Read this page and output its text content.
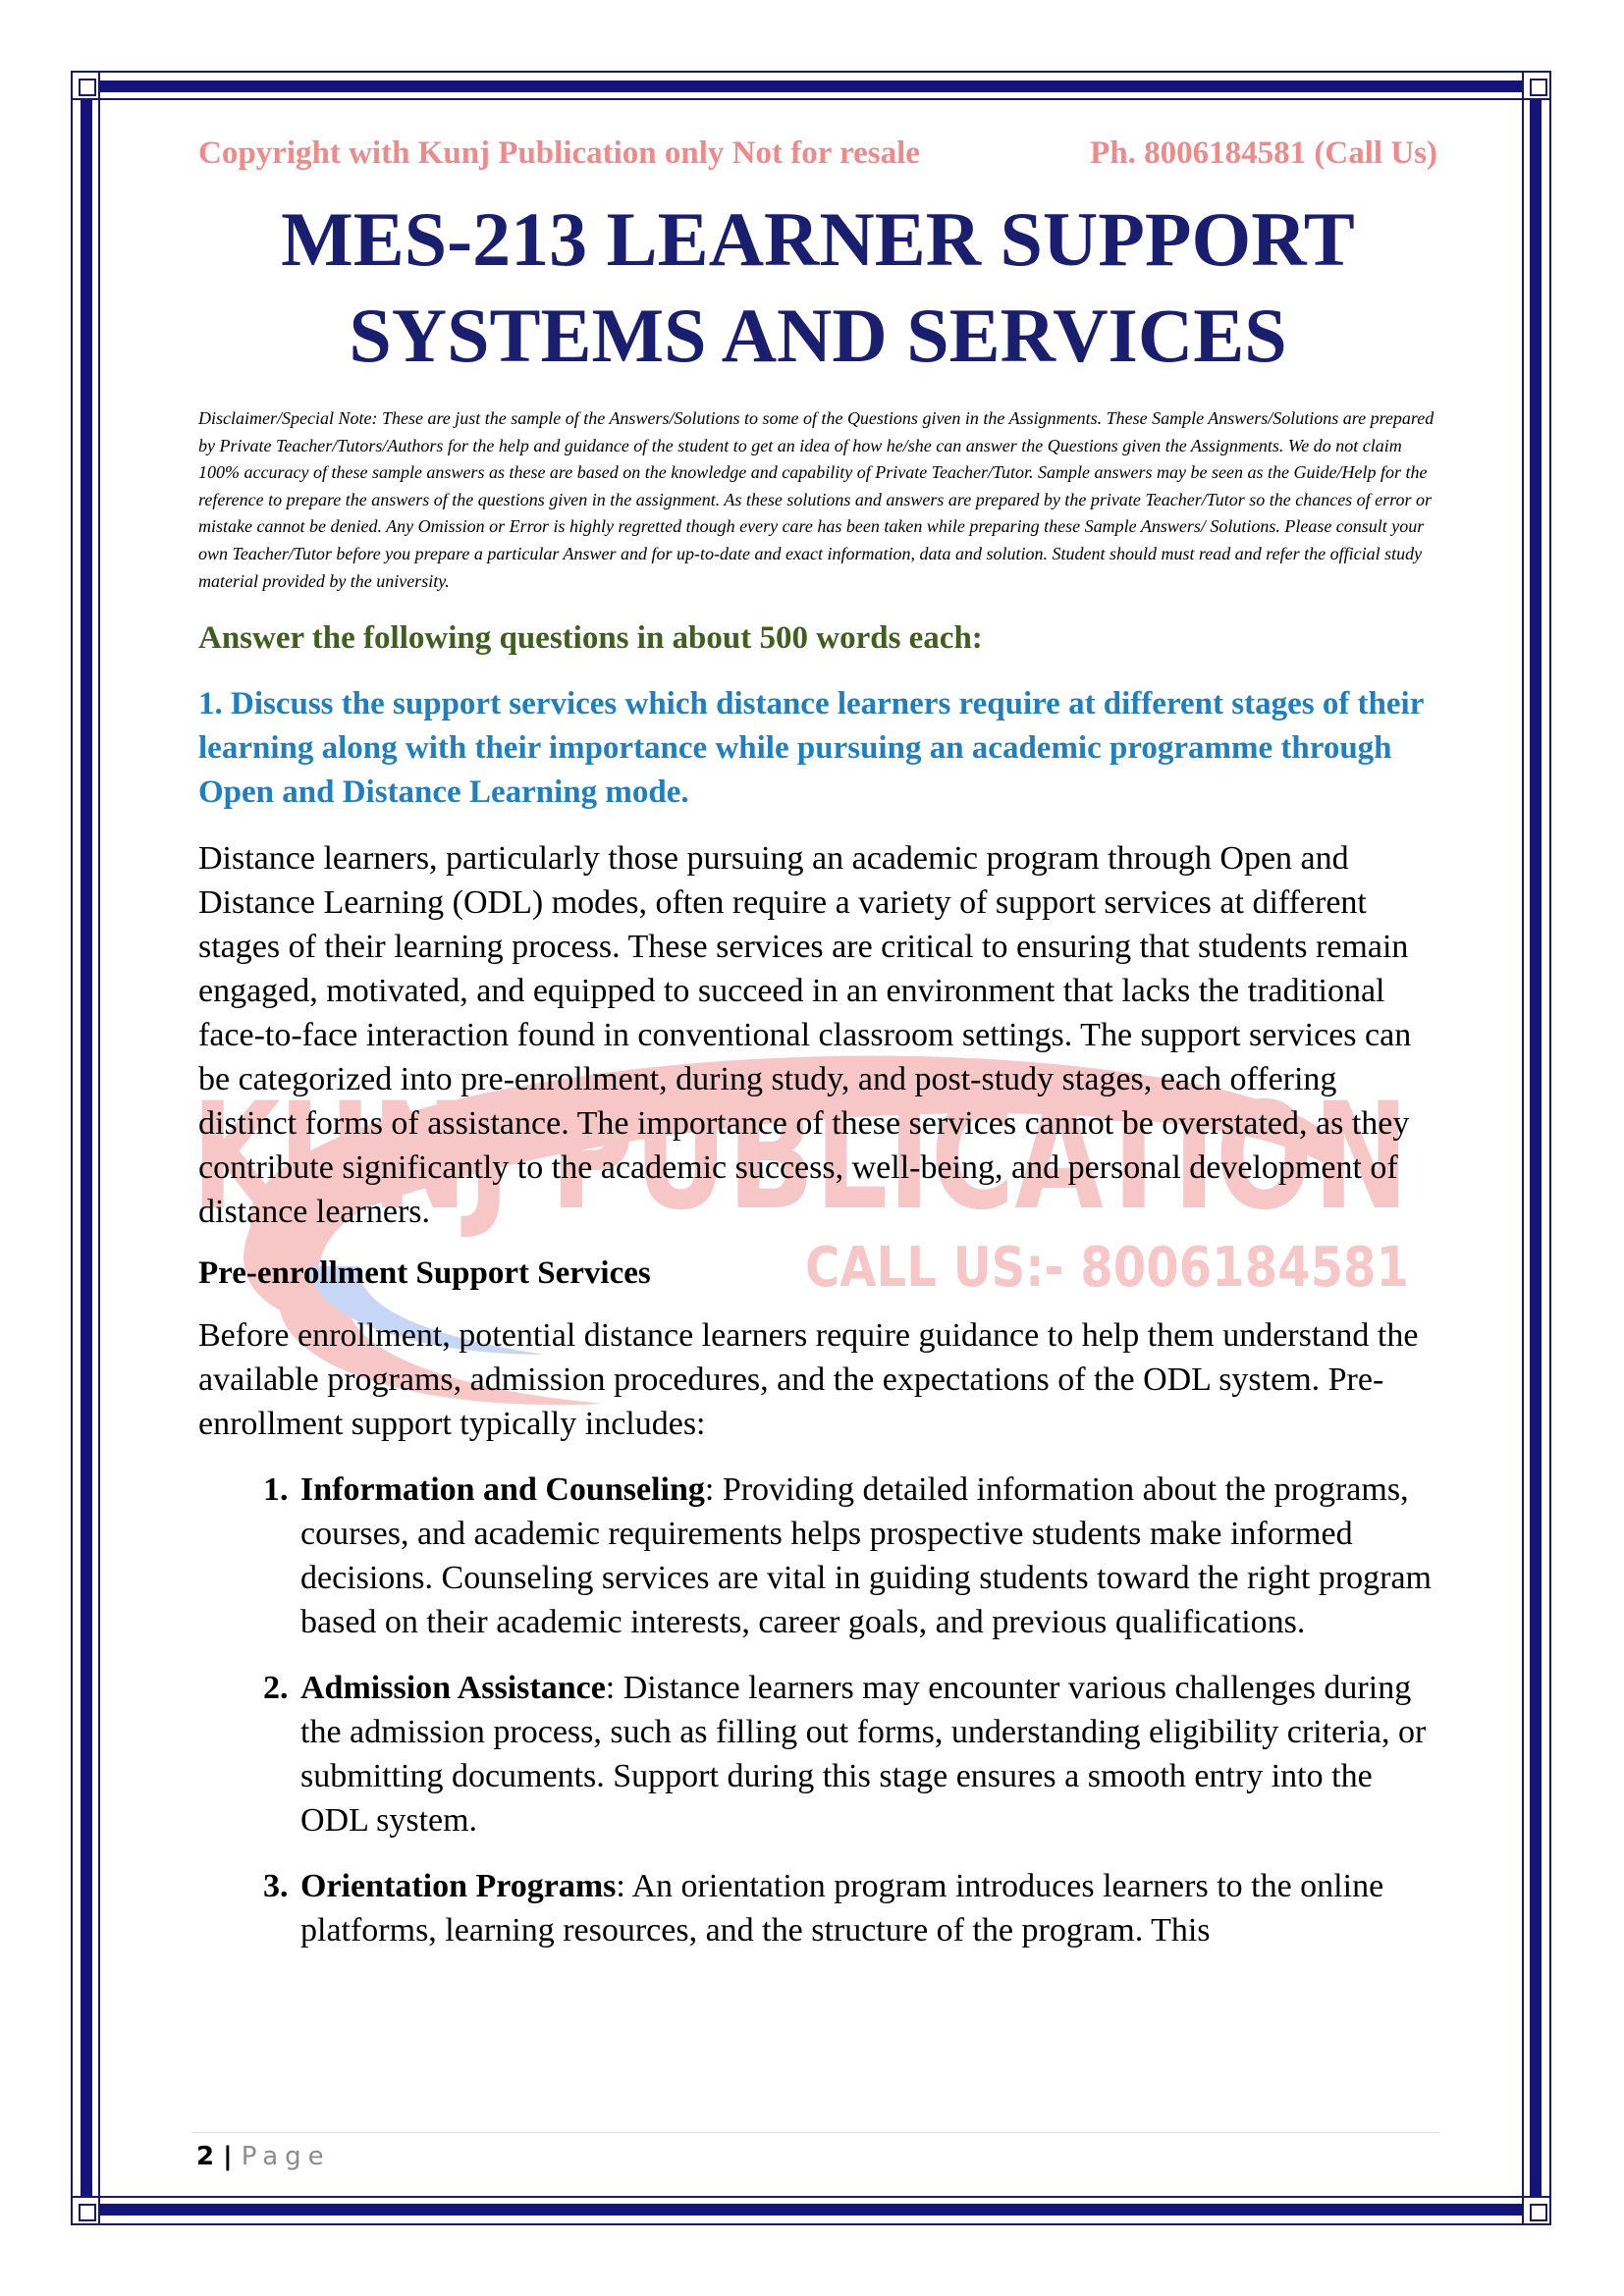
KUNJ PUBLICATION
CALL US:- 8006184581
Copyright with Kunj Publication only Not for resale	Ph. 8006184581 (Call Us)
MES-213 LEARNER SUPPORT
SYSTEMS AND SERVICES
Disclaimer/Special Note: These are just the sample of the Answers/Solutions to some of the Questions given in the Assignments. These Sample Answers/Solutions are prepared by Private Teacher/Tutors/Authors for the help and guidance of the student to get an idea of how he/she can answer the Questions given the Assignments. We do not claim 100% accuracy of these sample answers as these are based on the knowledge and capability of Private Teacher/Tutor. Sample answers may be seen as the Guide/Help for the reference to prepare the answers of the questions given in the assignment. As these solutions and answers are prepared by the private Teacher/Tutor so the chances of error or mistake cannot be denied. Any Omission or Error is highly regretted though every care has been taken while preparing these Sample Answers/ Solutions. Please consult your own Teacher/Tutor before you prepare a particular Answer and for up-to-date and exact information, data and solution. Student should must read and refer the official study material provided by the university.
Answer the following questions in about 500 words each:
1. Discuss the support services which distance learners require at different stages of their learning along with their importance while pursuing an academic programme through Open and Distance Learning mode.
Distance learners, particularly those pursuing an academic program through Open and Distance Learning (ODL) modes, often require a variety of support services at different stages of their learning process. These services are critical to ensuring that students remain engaged, motivated, and equipped to succeed in an environment that lacks the traditional face-to-face interaction found in conventional classroom settings. The support services can be categorized into pre-enrollment, during study, and post-study stages, each offering distinct forms of assistance. The importance of these services cannot be overstated, as they contribute significantly to the academic success, well-being, and personal development of distance learners.
Pre-enrollment Support Services
Before enrollment, potential distance learners require guidance to help them understand the available programs, admission procedures, and the expectations of the ODL system. Pre-enrollment support typically includes:
1. Information and Counseling: Providing detailed information about the programs, courses, and academic requirements helps prospective students make informed decisions. Counseling services are vital in guiding students toward the right program based on their academic interests, career goals, and previous qualifications.
2. Admission Assistance: Distance learners may encounter various challenges during the admission process, such as filling out forms, understanding eligibility criteria, or submitting documents. Support during this stage ensures a smooth entry into the ODL system.
3. Orientation Programs: An orientation program introduces learners to the online platforms, learning resources, and the structure of the program. This
2 | Page
